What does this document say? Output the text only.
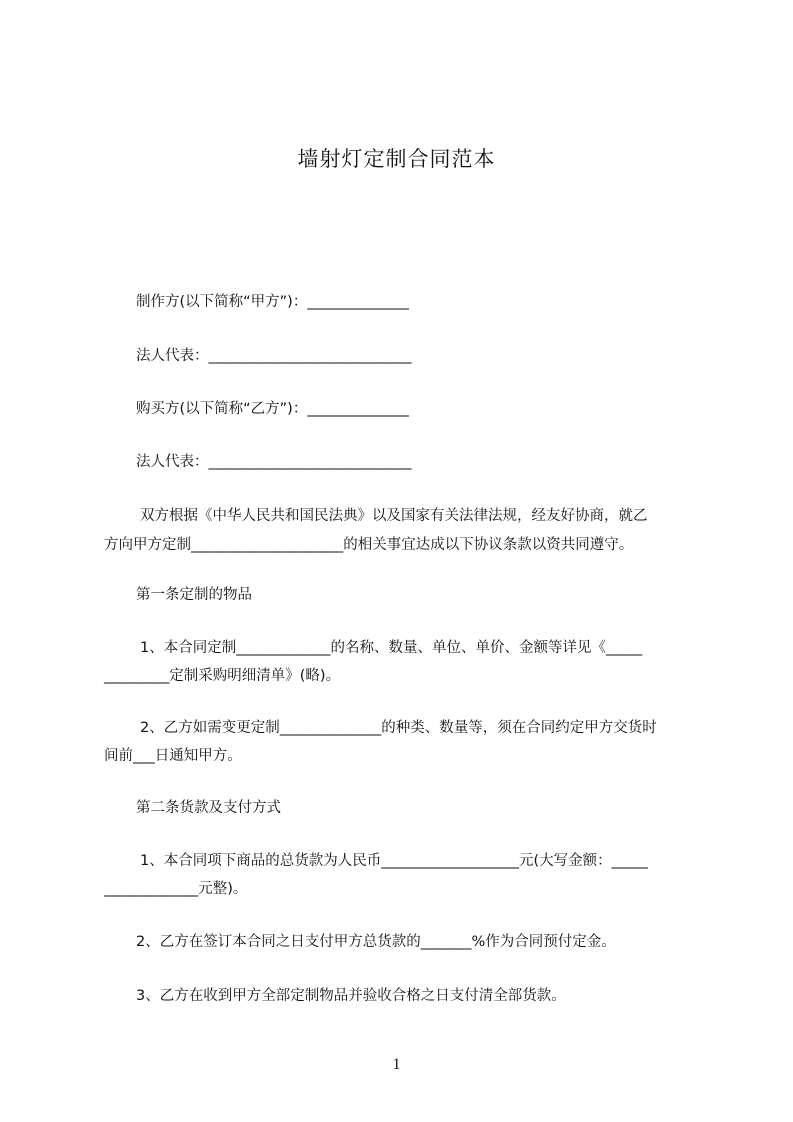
墙射灯定制合同范本
制作方(以下简称“甲方”)：______________
法人代表：____________________________
购买方(以下简称“乙方”)：______________
法人代表：____________________________
双方根据《中华人民共和国民法典》以及国家有关法律法规，经友好协商，就乙
方向甲方定制_____________________的相关事宜达成以下协议条款以资共同遵守。
第一条定制的物品
1、本合同定制_____________的名称、数量、单位、单价、金额等详见《_____
_________定制采购明细清单》(略)。
2、乙方如需变更定制______________的种类、数量等，须在合同约定甲方交货时
间前___日通知甲方。
第二条货款及支付方式
1、本合同项下商品的总货款为人民币___________________元(大写金额：_____
_____________元整)。
2、乙方在签订本合同之日支付甲方总货款的_______%作为合同预付定金。
3、乙方在收到甲方全部定制物品并验收合格之日支付清全部货款。
1
